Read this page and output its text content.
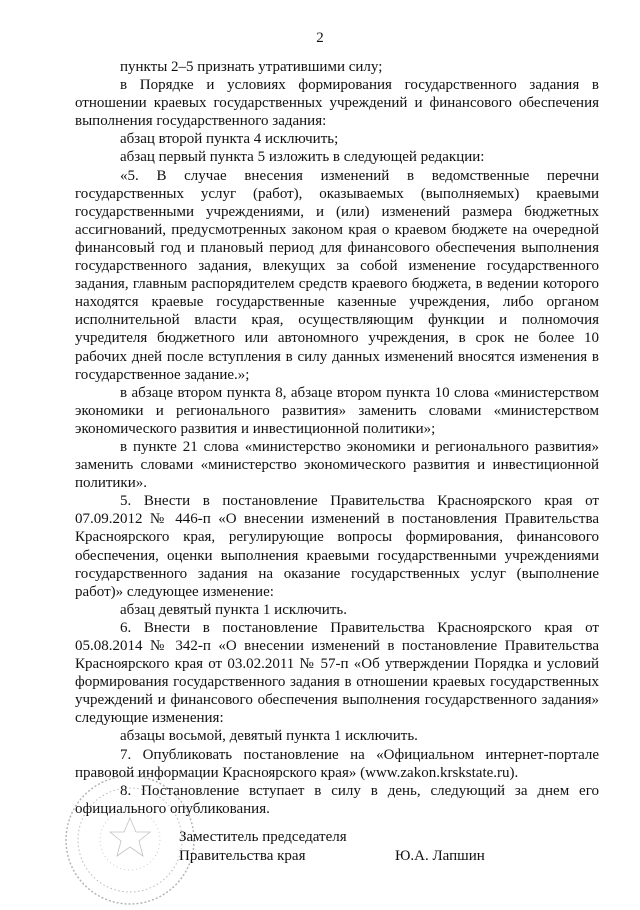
2

пункты 2–5 признать утратившими силу;

в Порядке и условиях формирования государственного задания в отношении краевых государственных учреждений и финансового обеспечения выполнения государственного задания:

абзац второй пункта 4 исключить;

абзац первый пункта 5 изложить в следующей редакции:

«5. В случае внесения изменений в ведомственные перечни государственных услуг (работ), оказываемых (выполняемых) краевыми государственными учреждениями, и (или) изменений размера бюджетных ассигнований, предусмотренных законом края о краевом бюджете на очередной финансовый год и плановый период для финансового обеспечения выполнения государственного задания, влекущих за собой изменение государственного задания, главным распорядителем средств краевого бюджета, в ведении которого находятся краевые государственные казенные учреждения, либо органом исполнительной власти края, осуществляющим функции и полномочия учредителя бюджетного или автономного учреждения, в срок не более 10 рабочих дней после вступления в силу данных изменений вносятся изменения в государственное задание.»;

в абзаце втором пункта 8, абзаце втором пункта 10 слова «министерством экономики и регионального развития» заменить словами «министерством экономического развития и инвестиционной политики»;

в пункте 21 слова «министерство экономики и регионального развития» заменить словами «министерство экономического развития и инвестиционной политики».

5. Внести в постановление Правительства Красноярского края от 07.09.2012 № 446-п «О внесении изменений в постановления Правительства Красноярского края, регулирующие вопросы формирования, финансового обеспечения, оценки выполнения краевыми государственными учреждениями государственного задания на оказание государственных услуг (выполнение работ)» следующее изменение:

абзац девятый пункта 1 исключить.

6. Внести в постановление Правительства Красноярского края от 05.08.2014 № 342-п «О внесении изменений в постановление Правительства Красноярского края от 03.02.2011 № 57-п «Об утверждении Порядка и условий формирования государственного задания в отношении краевых государственных учреждений и финансового обеспечения выполнения государственного задания» следующие изменения:

абзацы восьмой, девятый пункта 1 исключить.

7. Опубликовать постановление на «Официальном интернет-портале правовой информации Красноярского края» (www.zakon.krskstate.ru).

8. Постановление вступает в силу в день, следующий за днем его официального опубликования.

Заместитель председателя
Правительства края	Ю.А. Лапшин
